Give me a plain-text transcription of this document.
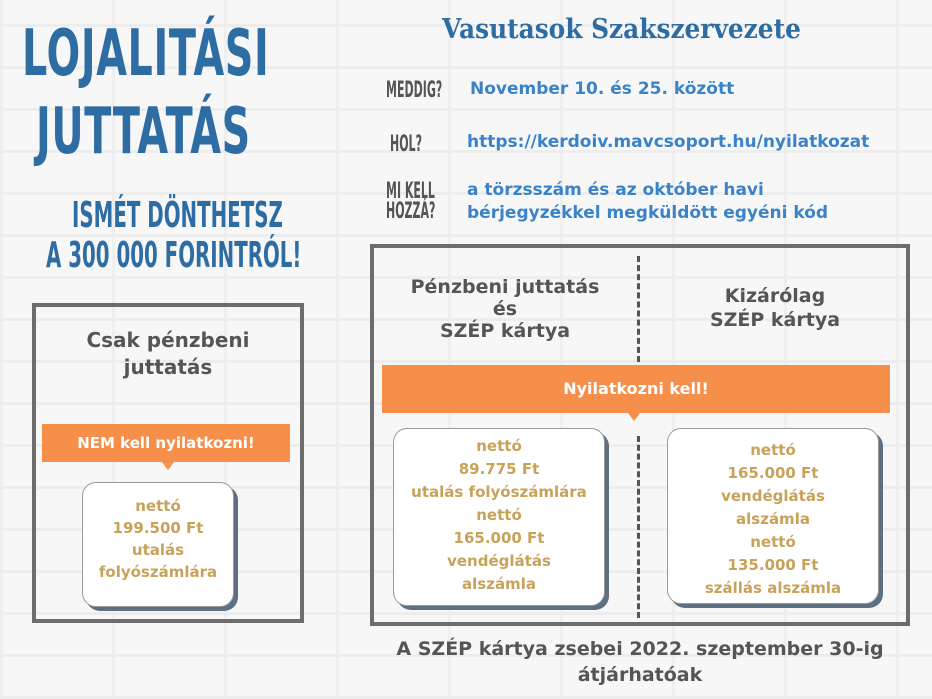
LOJALITÁSI
JUTTATÁS
ISMÉT DÖNTHETSZ
A 300 000 FORINTRÓL!
Vasutasok Szakszervezete
MEDDIG? November 10. és 25. között
HOL?	https://kerdoiv.mavcsoport.hu/nyilatkozat
MI KELL
HOZZÁ?
a törzsszám és az október havi
bérjegyzékkel megküldött egyéni kód
Csak pénzbeni
juttatás
NEM kell nyilatkozni!
nettó
199.500 Ft
utalás
folyószámlára
Pénzbeni juttatás
és
SZÉP kártya
Kizárólag
SZÉP kártya
Nyilatkozni kell!
nettó
89.775 Ft
utalás folyószámlára
nettó
165.000 Ft
vendéglátás
alszámla
nettó
165.000 Ft
vendéglátás
alszámla
nettó
135.000 Ft
szállás alszámla
A SZÉP kártya zsebei 2022. szeptember 30-ig
átjárhatóak
